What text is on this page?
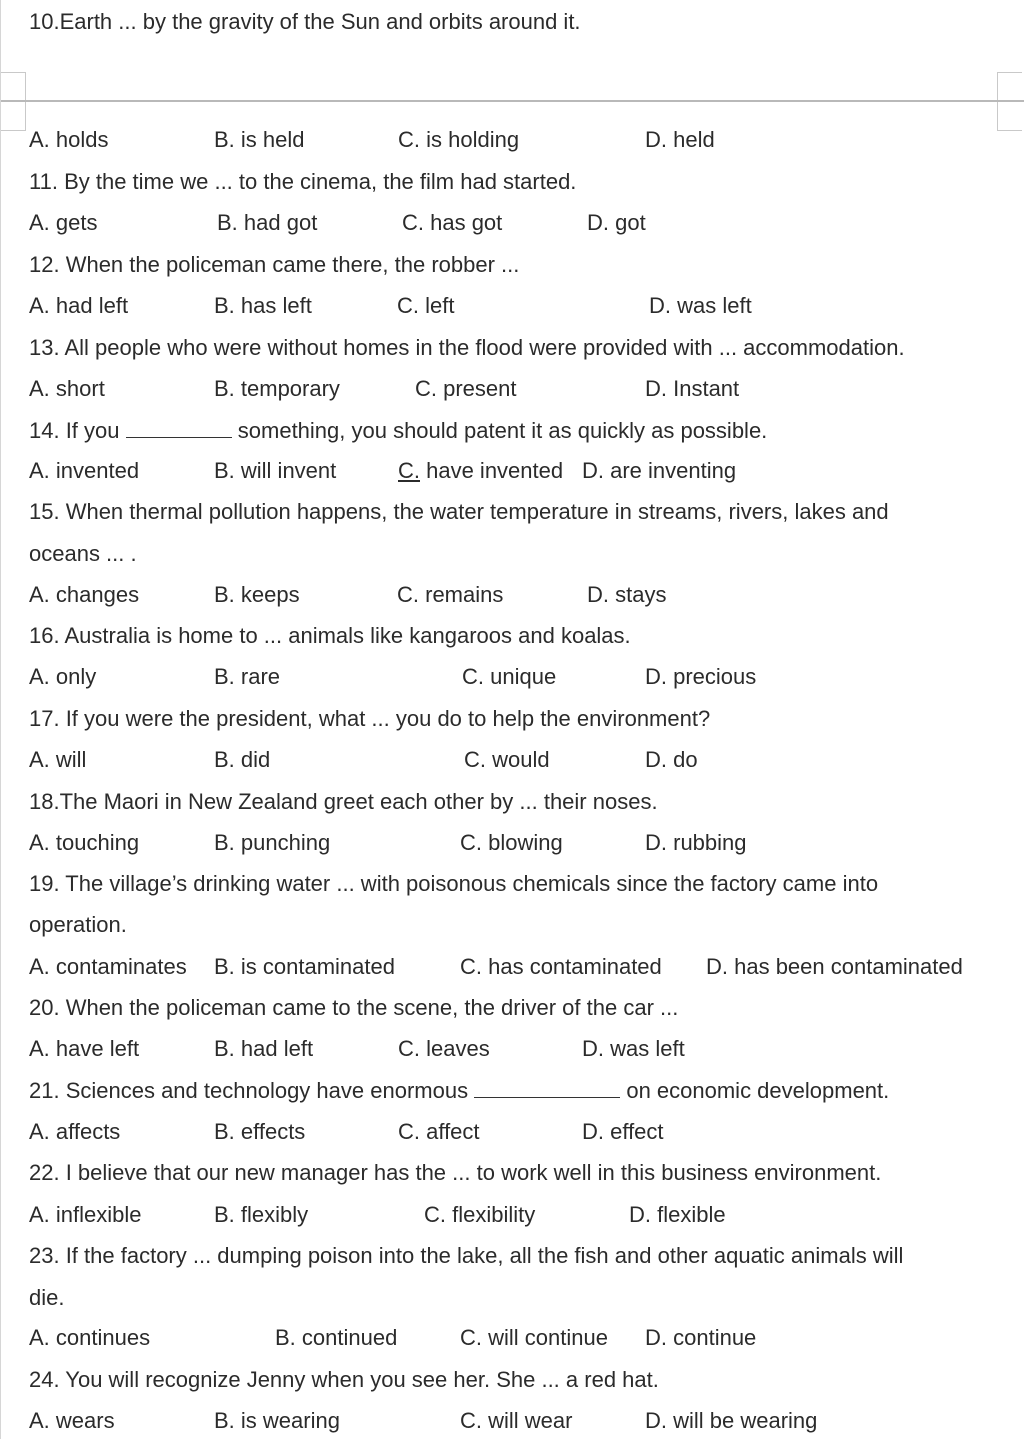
10.Earth ... by the gravity of the Sun and orbits around it.
A. holds	B. is held	C. is holding	D. held
11. By the time we ... to the cinema, the film had started.
A. gets	B. had got	C. has got	D. got
12. When the policeman came there, the robber ...
A. had left	B. has left	C. left	D. was left
13. All people who were without homes in the flood were provided with ... accommodation.
A. short	B. temporary	C. present	D. Instant
14. If you	something, you should patent it as quickly as possible.
A. invented	B. will invent	C. have invented D. are inventing
15. When thermal pollution happens, the water temperature in streams, rivers, lakes and
oceans ... .
A. changes	B. keeps	C. remains	D. stays
16. Australia is home to ... animals like kangaroos and koalas.
A. only	B. rare	C. unique	D. precious
17. If you were the president, what ... you do to help the environment?
A. will	B. did	C. would	D. do
18.The Maori in New Zealand greet each other by ... their noses.
A. touching	B. punching	C. blowing	D. rubbing
19. The village’s drinking water ... with poisonous chemicals since the factory came into
operation.
A. contaminates B. is contaminated	C. has contaminated D. has been contaminated
20. When the policeman came to the scene, the driver of the car ...
A. have left	B. had left	C. leaves	D. was left
21. Sciences and technology have enormous	on economic development.
A. affects	B. effects	C. affect	D. effect
22. I believe that our new manager has the ... to work well in this business environment.
A. inflexible	B. flexibly	C. flexibility	D. flexible
23. If the factory ... dumping poison into the lake, all the fish and other aquatic animals will
die.
A. continues	B. continued	C. will continue D. continue
24. You will recognize Jenny when you see her. She ... a red hat.
A. wears	B. is wearing	C. will wear	D. will be wearing
